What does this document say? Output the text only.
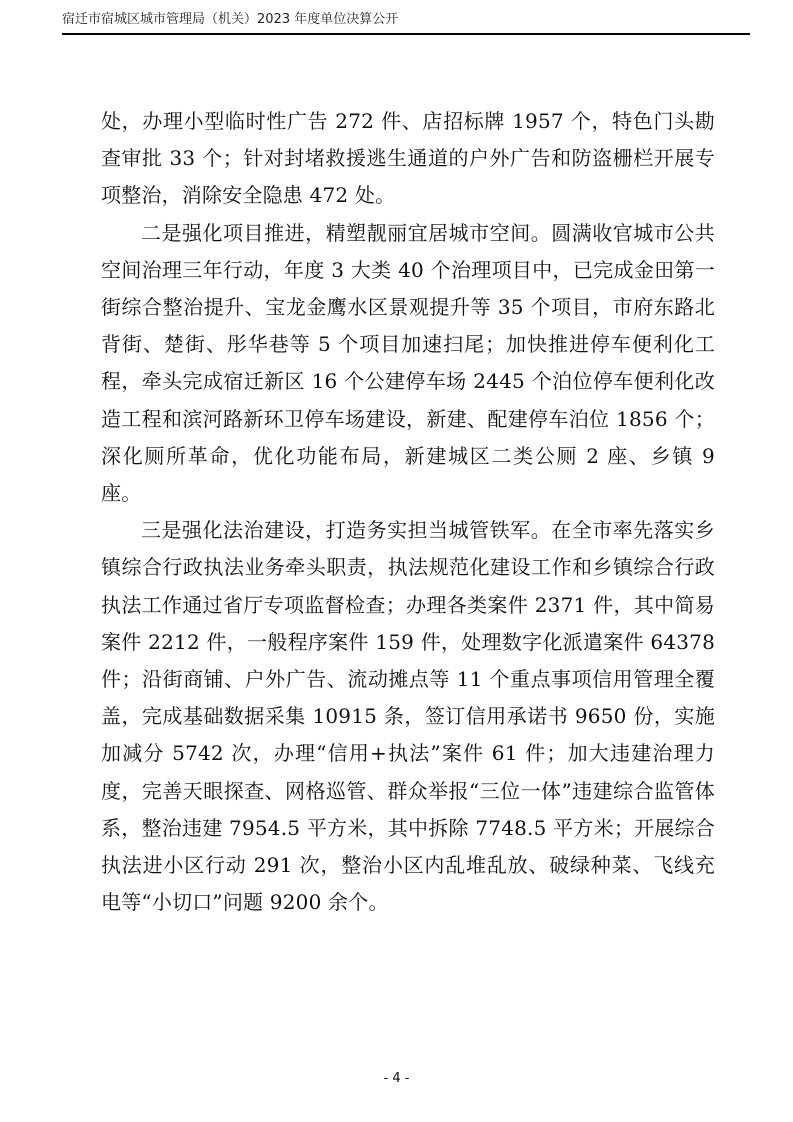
宿迁市宿城区城市管理局（机关）2023 年度单位决算公开

处，办理小型临时性广告 272 件、店招标牌 1957 个，特色门头勘查审批 33 个；针对封堵救援逃生通道的户外广告和防盗栅栏开展专项整治，消除安全隐患 472 处。

二是强化项目推进，精塑靓丽宜居城市空间。圆满收官城市公共空间治理三年行动，年度 3 大类 40 个治理项目中，已完成金田第一街综合整治提升、宝龙金鹰水区景观提升等 35 个项目，市府东路北背街、楚街、彤华巷等 5 个项目加速扫尾；加快推进停车便利化工程，牵头完成宿迁新区 16 个公建停车场 2445 个泊位停车便利化改造工程和滨河路新环卫停车场建设，新建、配建停车泊位 1856 个；深化厕所革命，优化功能布局，新建城区二类公厕 2 座、乡镇 9 座。

三是强化法治建设，打造务实担当城管铁军。在全市率先落实乡镇综合行政执法业务牵头职责，执法规范化建设工作和乡镇综合行政执法工作通过省厅专项监督检查；办理各类案件 2371 件，其中简易案件 2212 件，一般程序案件 159 件，处理数字化派遣案件 64378 件；沿街商铺、户外广告、流动摊点等 11 个重点事项信用管理全覆盖，完成基础数据采集 10915 条，签订信用承诺书 9650 份，实施加减分 5742 次，办理“信用+执法”案件 61 件；加大违建治理力度，完善天眼探查、网格巡管、群众举报“三位一体”违建综合监管体系，整治违建 7954.5 平方米，其中拆除 7748.5 平方米；开展综合执法进小区行动 291 次，整治小区内乱堆乱放、破绿种菜、飞线充电等“小切口”问题 9200 余个。

- 4 -
